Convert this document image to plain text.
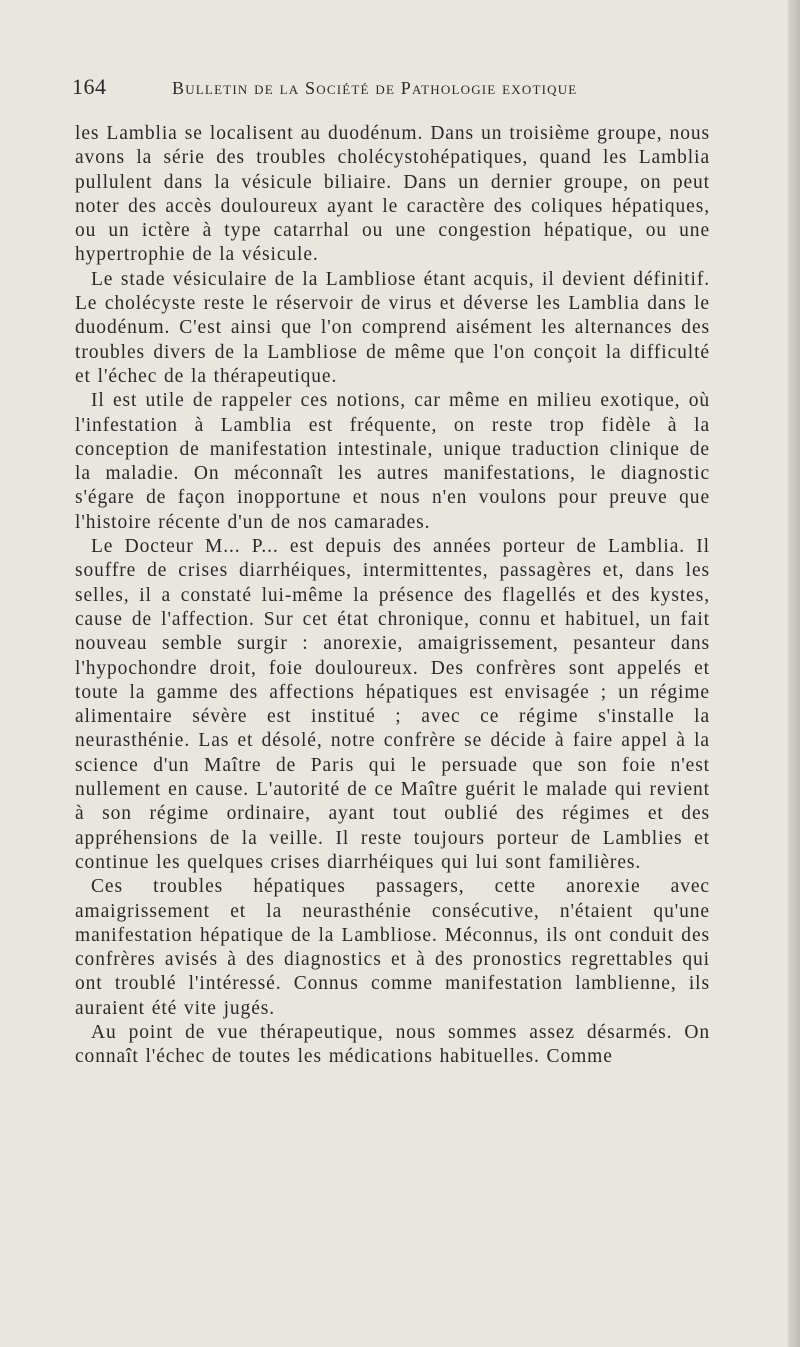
164	Bulletin de la Société de Pathologie exotique

les Lamblia se localisent au duodénum. Dans un troisième groupe, nous avons la série des troubles cholécystohépatiques, quand les Lamblia pullulent dans la vésicule biliaire. Dans un dernier groupe, on peut noter des accès douloureux ayant le caractère des coliques hépatiques, ou un ictère à type catarrhal ou une congestion hépatique, ou une hypertrophie de la vésicule.

Le stade vésiculaire de la Lambliose étant acquis, il devient définitif. Le cholécyste reste le réservoir de virus et déverse les Lamblia dans le duodénum. C'est ainsi que l'on comprend aisément les alternances des troubles divers de la Lambliose de même que l'on conçoit la difficulté et l'échec de la thérapeutique.

Il est utile de rappeler ces notions, car même en milieu exotique, où l'infestation à Lamblia est fréquente, on reste trop fidèle à la conception de manifestation intestinale, unique traduction clinique de la maladie. On méconnaît les autres manifestations, le diagnostic s'égare de façon inopportune et nous n'en voulons pour preuve que l'histoire récente d'un de nos camarades.

Le Docteur M... P... est depuis des années porteur de Lamblia. Il souffre de crises diarrhéiques, intermittentes, passagères et, dans les selles, il a constaté lui-même la présence des flagellés et des kystes, cause de l'affection. Sur cet état chronique, connu et habituel, un fait nouveau semble surgir : anorexie, amaigrissement, pesanteur dans l'hypochondre droit, foie douloureux. Des confrères sont appelés et toute la gamme des affections hépatiques est envisagée ; un régime alimentaire sévère est institué ; avec ce régime s'installe la neurasthénie. Las et désolé, notre confrère se décide à faire appel à la science d'un Maître de Paris qui le persuade que son foie n'est nullement en cause. L'autorité de ce Maître guérit le malade qui revient à son régime ordinaire, ayant tout oublié des régimes et des appréhensions de la veille. Il reste toujours porteur de Lamblies et continue les quelques crises diarrhéiques qui lui sont familières.

Ces troubles hépatiques passagers, cette anorexie avec amaigrissement et la neurasthénie consécutive, n'étaient qu'une manifestation hépatique de la Lambliose. Méconnus, ils ont conduit des confrères avisés à des diagnostics et à des pronostics regrettables qui ont troublé l'intéressé. Connus comme manifestation lamblienne, ils auraient été vite jugés.

Au point de vue thérapeutique, nous sommes assez désarmés. On connaît l'échec de toutes les médications habituelles. Comme
